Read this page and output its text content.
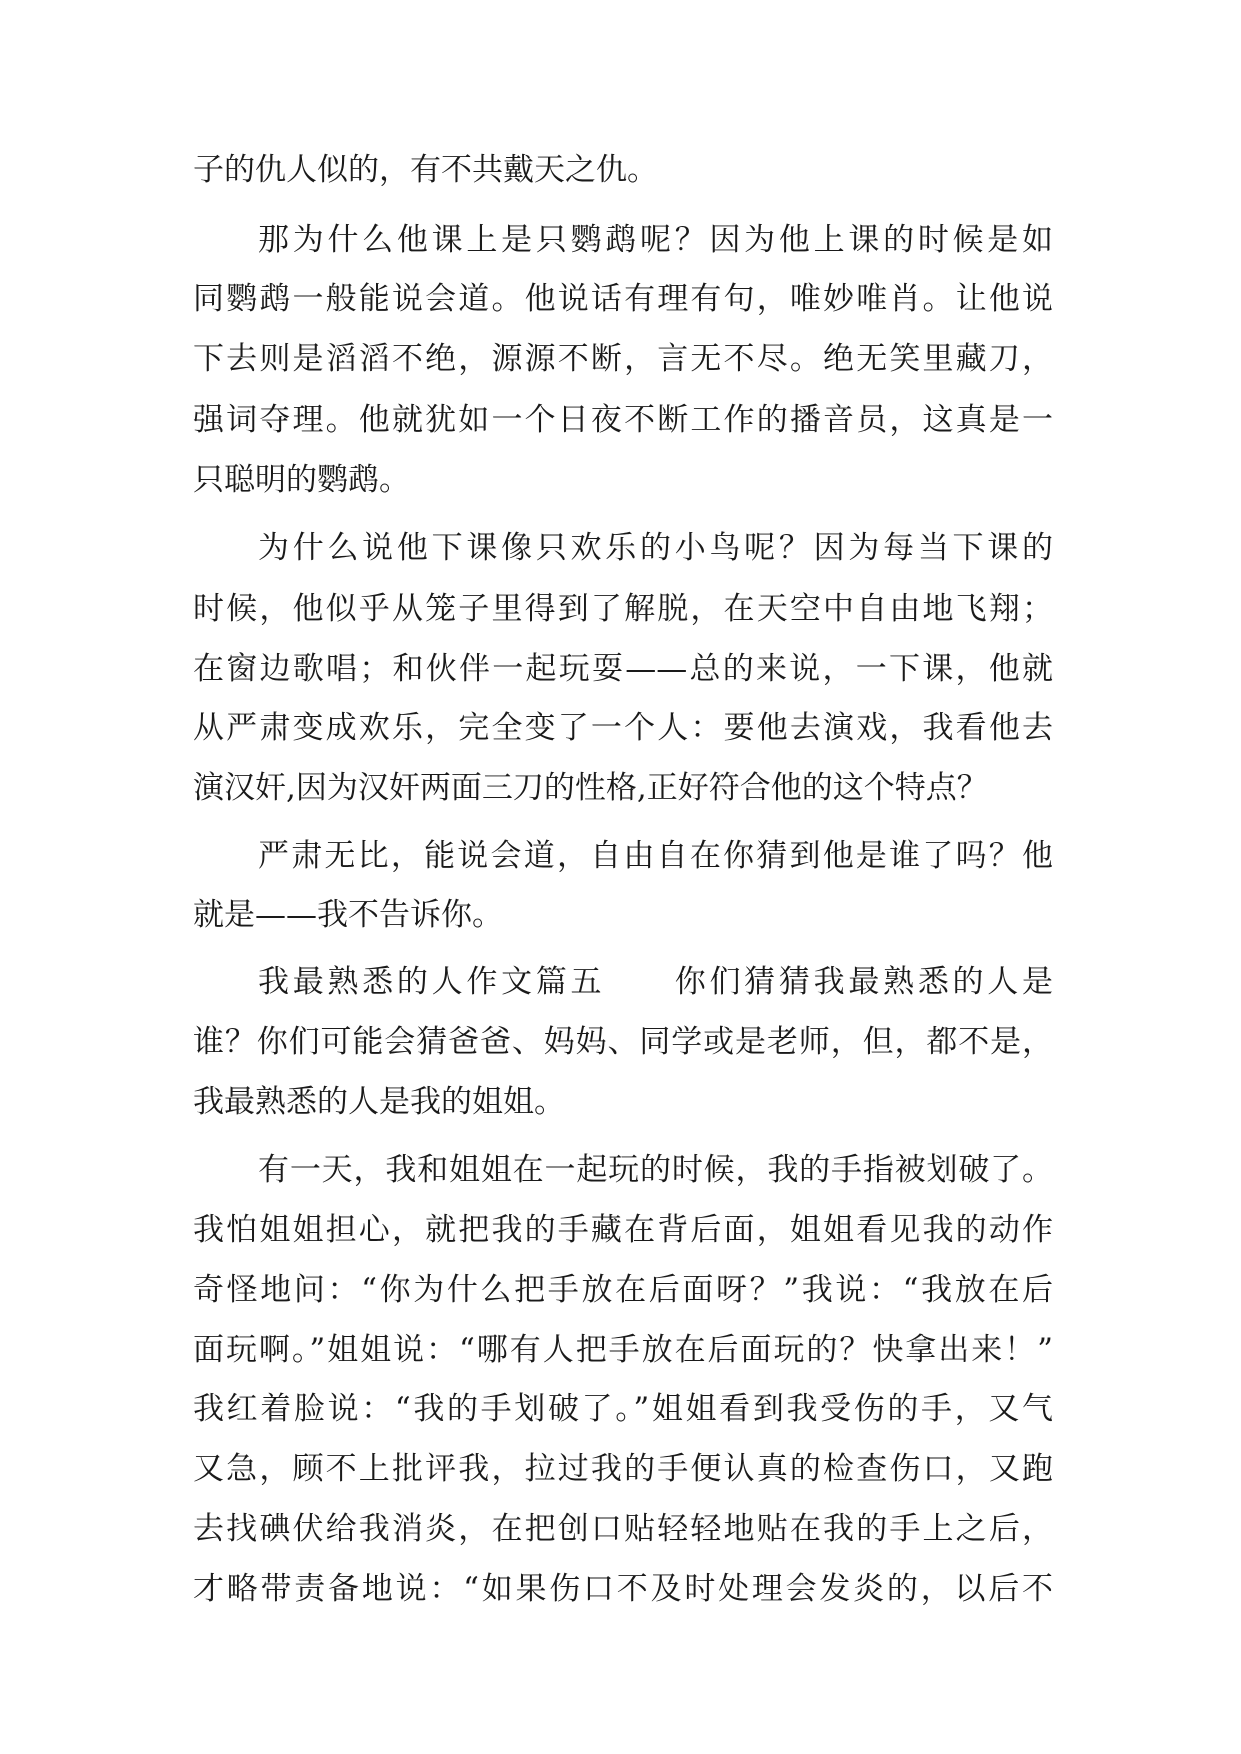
子的仇人似的，有不共戴天之仇。
那为什么他课上是只鹦鹉呢？因为他上课的时候是如
同鹦鹉一般能说会道。他说话有理有句，唯妙唯肖。让他说
下去则是滔滔不绝，源源不断，言无不尽。绝无笑里藏刀，
强词夺理。他就犹如一个日夜不断工作的播音员，这真是一
只聪明的鹦鹉。
为什么说他下课像只欢乐的小鸟呢？因为每当下课的
时候，他似乎从笼子里得到了解脱，在天空中自由地飞翔；
在窗边歌唱；和伙伴一起玩耍——总的来说，一下课，他就
从严肃变成欢乐，完全变了一个人：要他去演戏，我看他去
演汉奸,因为汉奸两面三刀的性格,正好符合他的这个特点？
严肃无比，能说会道，自由自在你猜到他是谁了吗？他
就是——我不告诉你。
我最熟悉的人作文篇五　　你们猜猜我最熟悉的人是
谁？你们可能会猜爸爸、妈妈、同学或是老师，但，都不是，
我最熟悉的人是我的姐姐。
有一天，我和姐姐在一起玩的时候，我的手指被划破了。
我怕姐姐担心，就把我的手藏在背后面，姐姐看见我的动作
奇怪地问：“你为什么把手放在后面呀？”我说：“我放在后
面玩啊。”姐姐说：“哪有人把手放在后面玩的？快拿出来！”
我红着脸说：“我的手划破了。”姐姐看到我受伤的手，又气
又急，顾不上批评我，拉过我的手便认真的检查伤口，又跑
去找碘伏给我消炎，在把创口贴轻轻地贴在我的手上之后，
才略带责备地说：“如果伤口不及时处理会发炎的，以后不
